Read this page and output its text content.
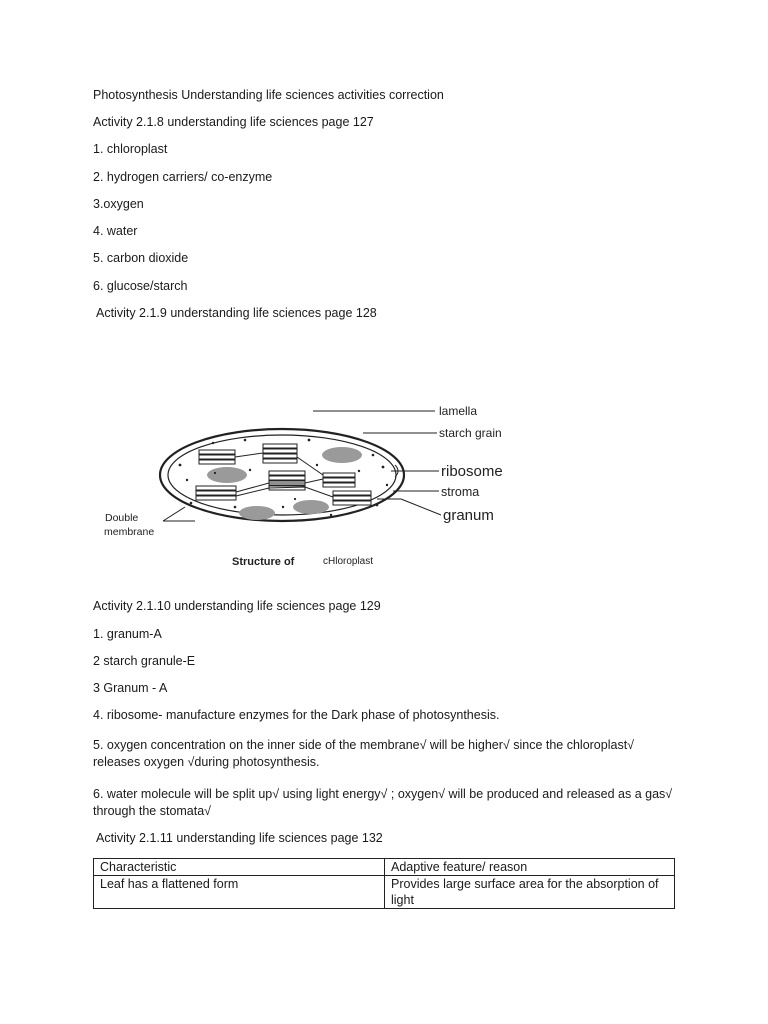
Photosynthesis Understanding life sciences activities correction
Activity 2.1.8 understanding life sciences page 127
1. chloroplast
2. hydrogen carriers/ co-enzyme
3.oxygen
4. water
5. carbon dioxide
6. glucose/starch
Activity 2.1.9 understanding life sciences page 128
lamella
starch grain
ribosome
stroma
granum
Double
membrane
Structure of	cHloroplast
Activity 2.1.10 understanding life sciences page 129
1. granum-A
2 starch granule-E
3 Granum - A
4. ribosome- manufacture enzymes for the Dark phase of photosynthesis.
5. oxygen concentration on the inner side of the membrane√ will be higher√ since the chloroplast√ releases oxygen √during photosynthesis.
6. water molecule will be split up√ using light energy√ ; oxygen√ will be produced and released as a gas√ through the stomata√
Activity 2.1.11 understanding life sciences page 132
Characteristic	Adaptive feature/ reason
Leaf has a flattened form	Provides large surface area for the absorption of light
